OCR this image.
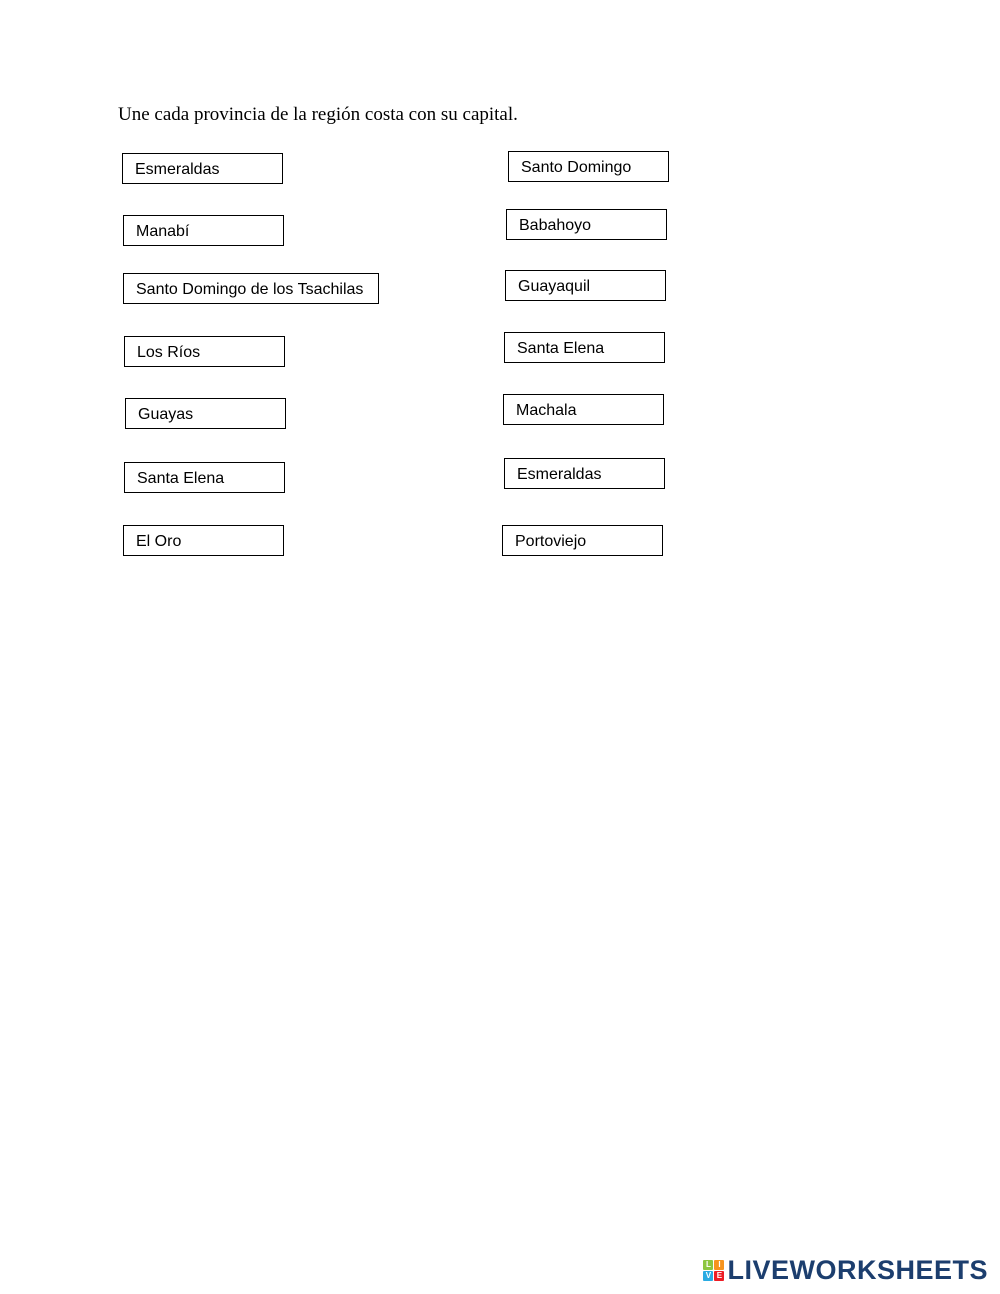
Une cada provincia de la región costa con su capital.
Esmeraldas
Manabí
Santo Domingo de los Tsachilas
Los Ríos
Guayas
Santa Elena
El Oro
Santo Domingo
Babahoyo
Guayaquil
Santa Elena
Machala
Esmeraldas
Portoviejo
L I
V E LIVEWORKSHEETS
